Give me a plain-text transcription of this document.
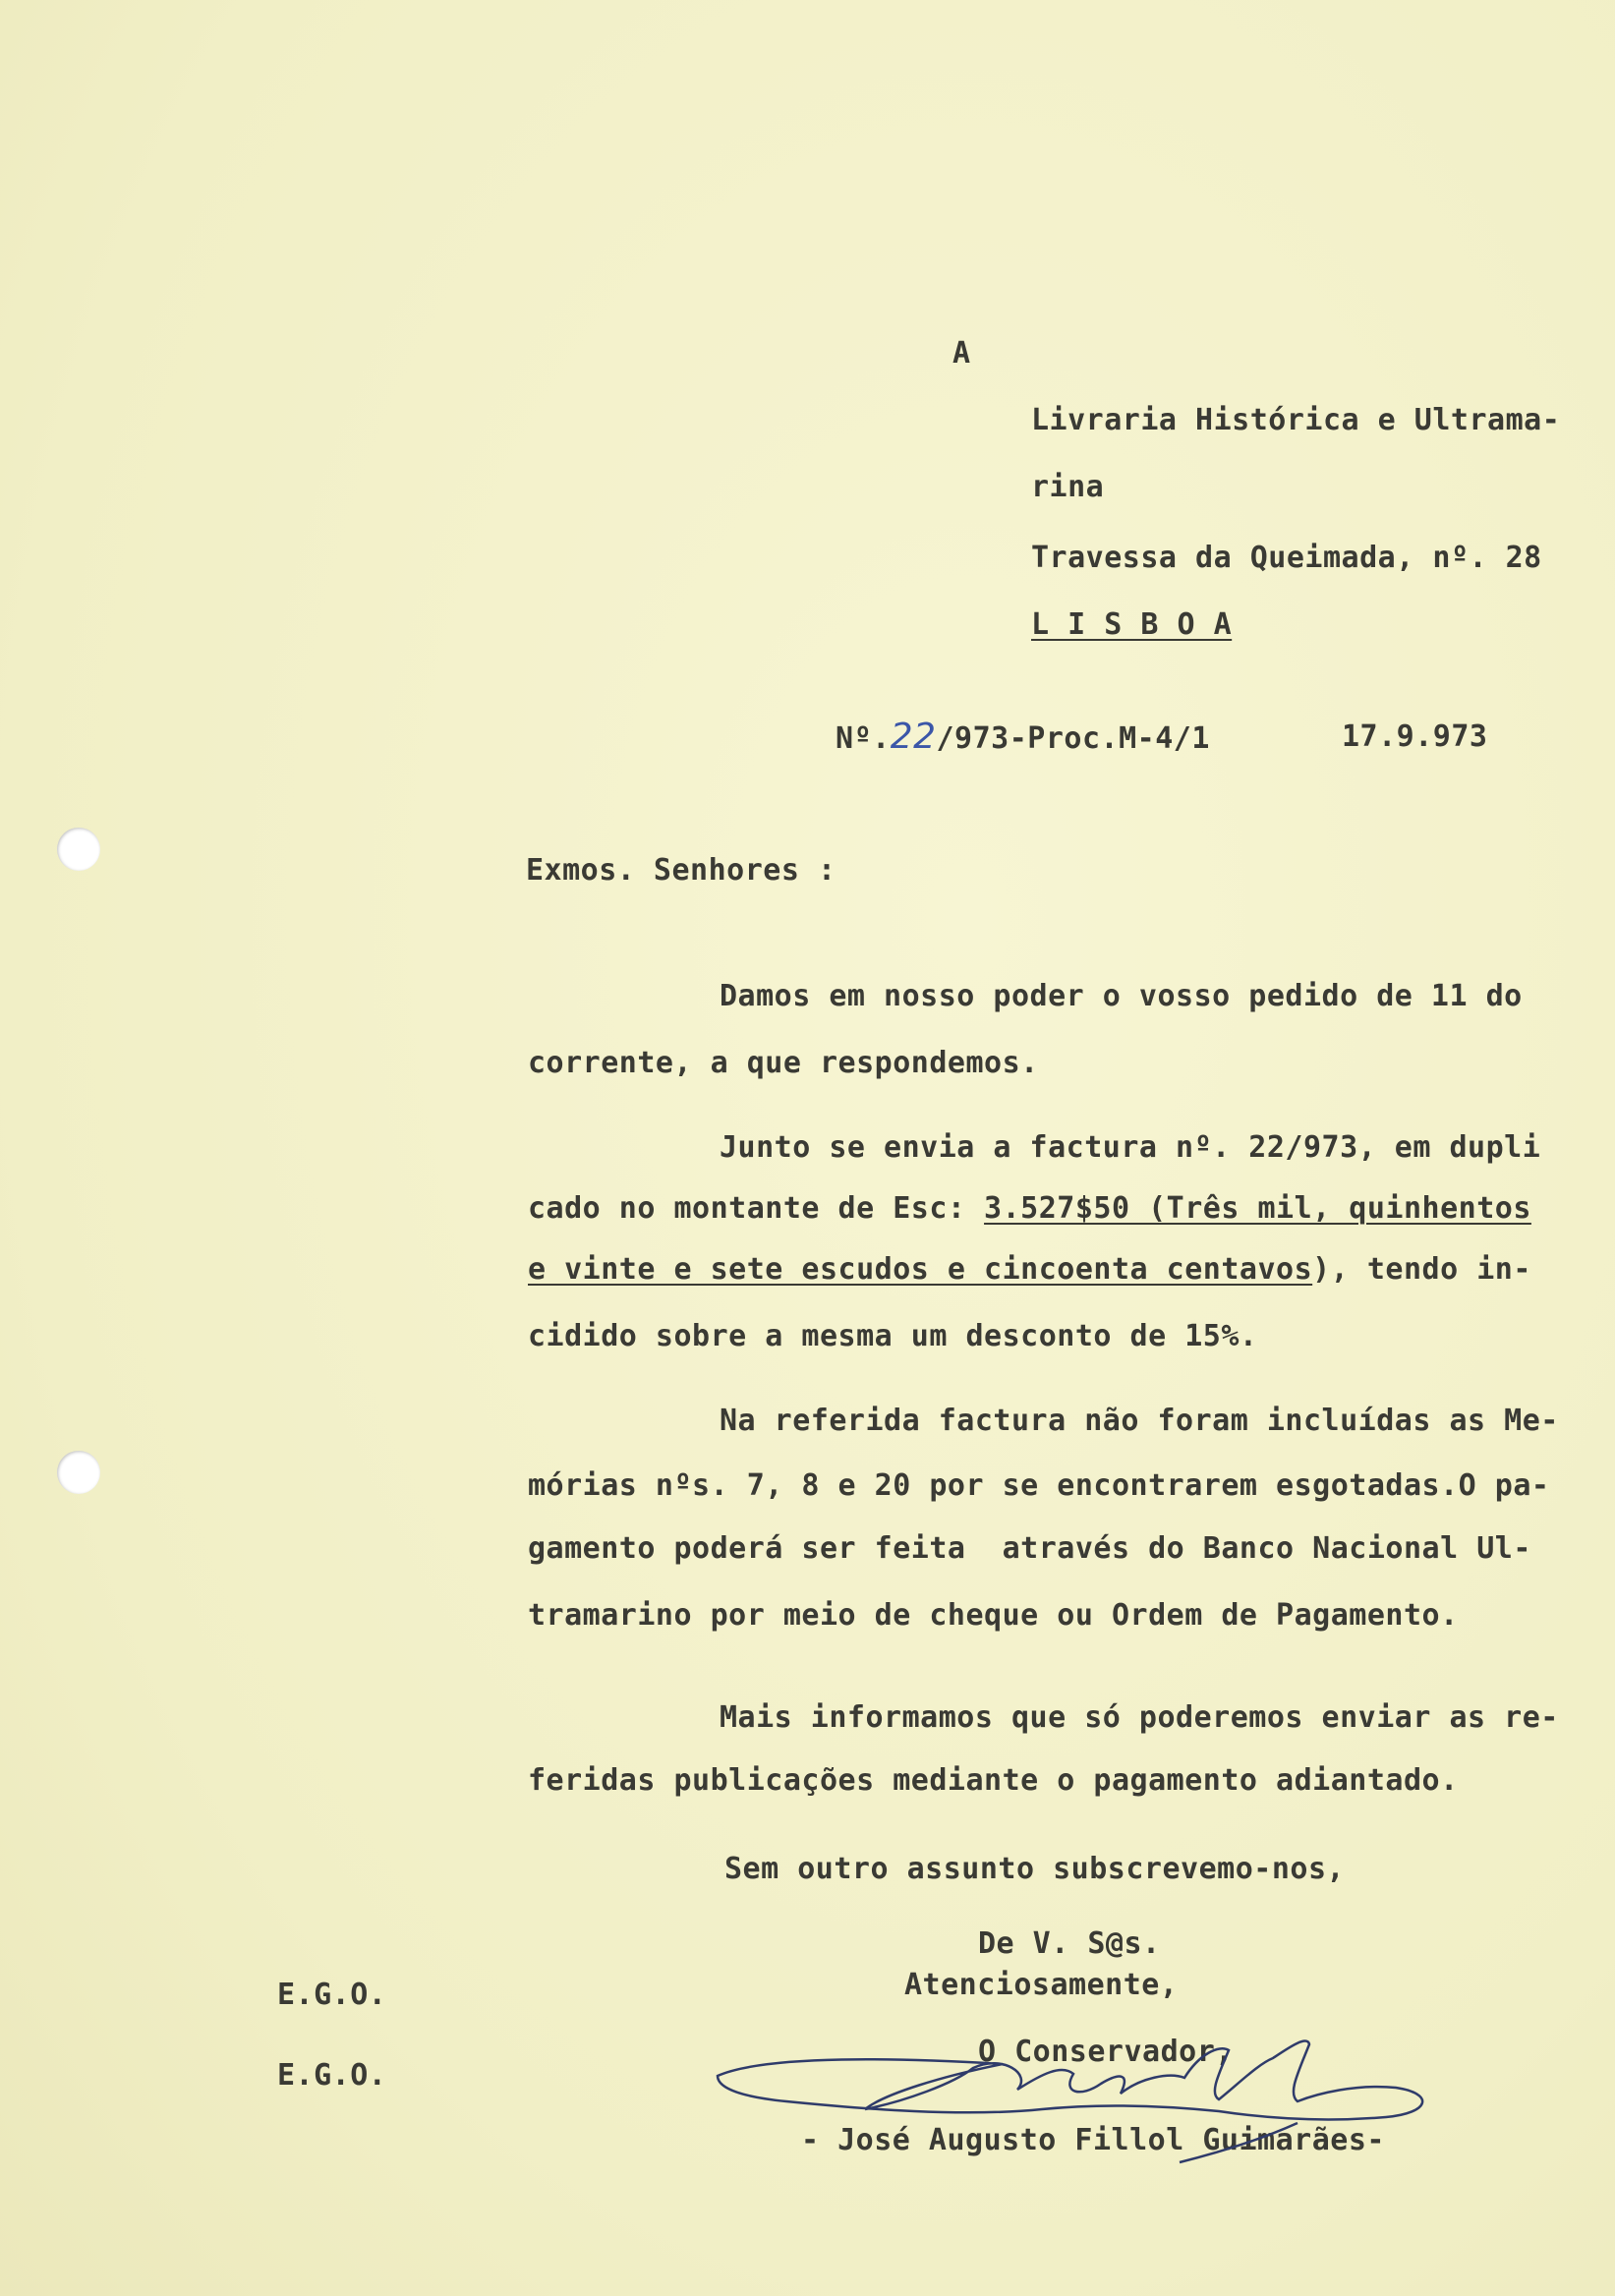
A
Livraria Histórica e Ultrama-
rina
Travessa da Queimada, nº. 28
L I S B O A
Nº.22/973-Proc.M-4/1	17.9.973
Exmos. Senhores :
Damos em nosso poder o vosso pedido de 11 do
corrente, a que respondemos.
Junto se envia a factura nº. 22/973, em dupli
cado no montante de Esc: 3.527$50 (Três mil, quinhentos
e vinte e sete escudos e cincoenta centavos), tendo in-
cidido sobre a mesma um desconto de 15%.
Na referida factura não foram incluídas as Me-
mórias nºs. 7, 8 e 20 por se encontrarem esgotadas.O pa-
gamento poderá ser feita  através do Banco Nacional Ul-
tramarino por meio de cheque ou Ordem de Pagamento.
Mais informamos que só poderemos enviar as re-
feridas publicações mediante o pagamento adiantado.
Sem outro assunto subscrevemo-nos,
De V. S@s.
Atenciosamente,
E.G.O.
E.G.O.
O Conservador,
- José Augusto Fillol Guimarães-
